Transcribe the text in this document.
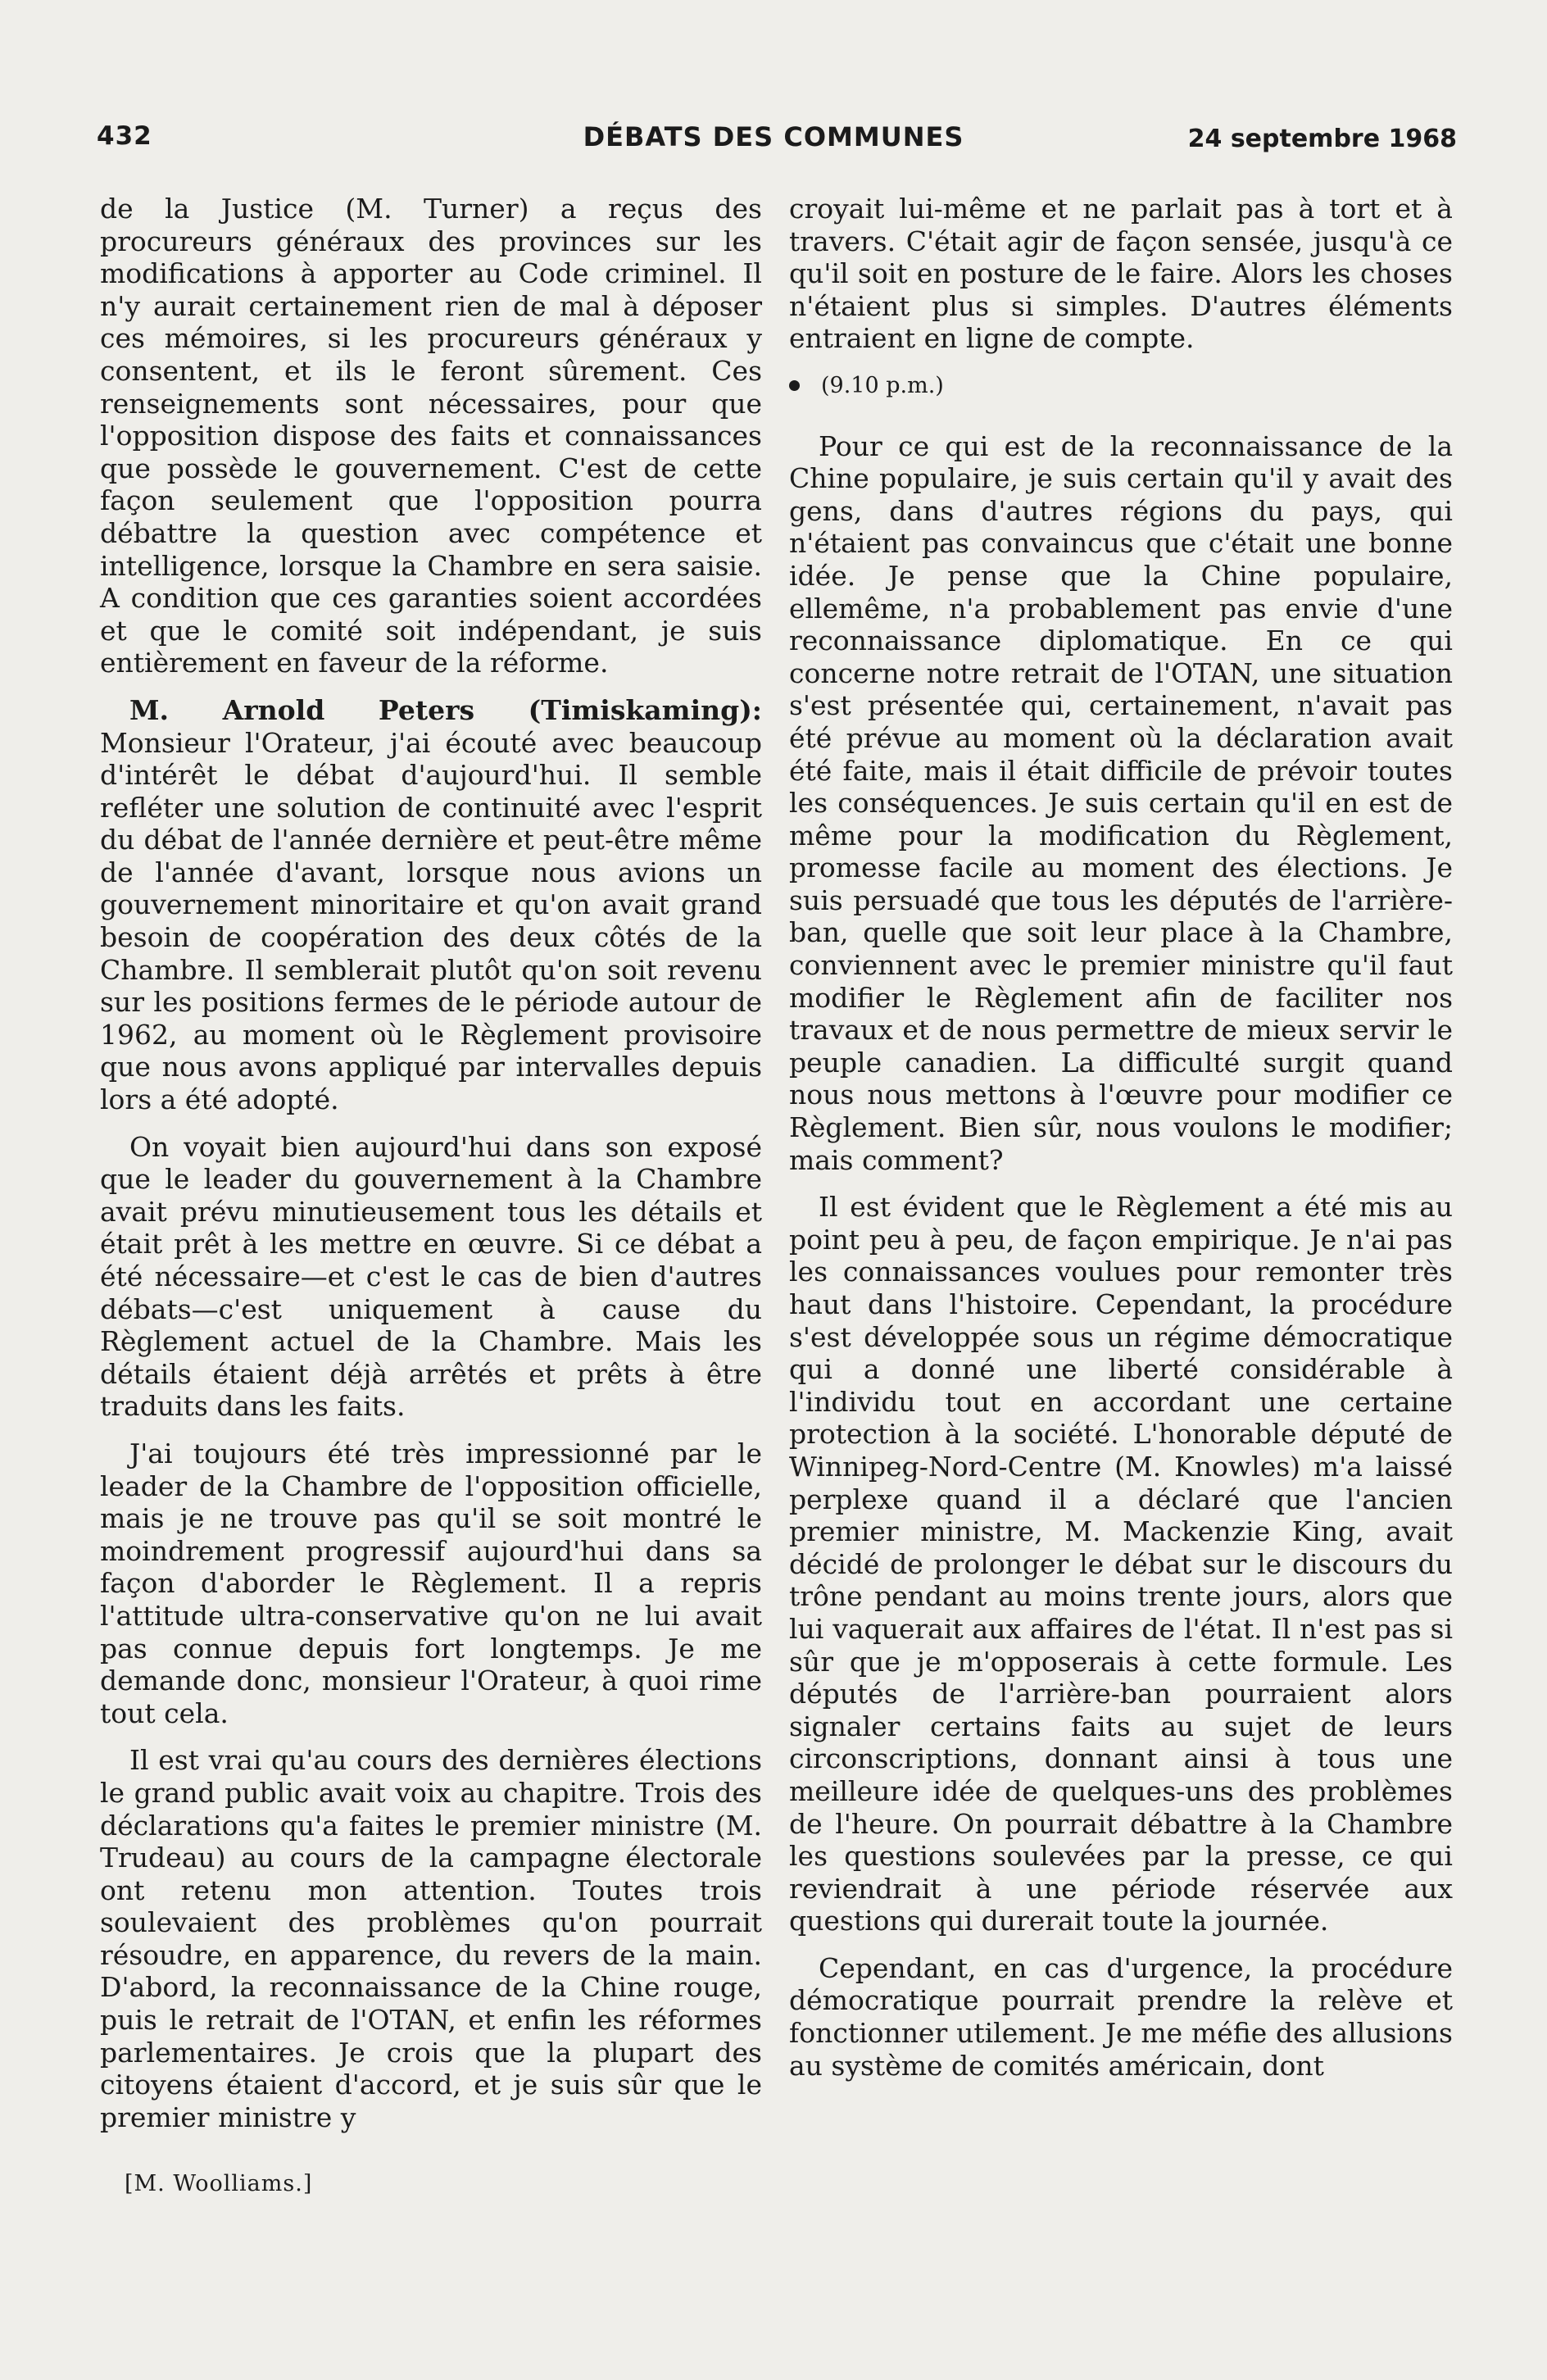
432	DÉBATS DES COMMUNES	24 septembre 1968

de la Justice (M. Turner) a reçus des procureurs généraux des provinces sur les modifications à apporter au Code criminel. Il n'y aurait certainement rien de mal à déposer ces mémoires, si les procureurs généraux y consentent, et ils le feront sûrement. Ces renseignements sont nécessaires, pour que l'opposition dispose des faits et connaissances que possède le gouvernement. C'est de cette façon seulement que l'opposition pourra débattre la question avec compétence et intelligence, lorsque la Chambre en sera saisie. A condition que ces garanties soient accordées et que le comité soit indépendant, je suis entièrement en faveur de la réforme.

M. Arnold Peters (Timiskaming): Monsieur l'Orateur, j'ai écouté avec beaucoup d'intérêt le débat d'aujourd'hui. Il semble refléter une solution de continuité avec l'esprit du débat de l'année dernière et peut-être même de l'année d'avant, lorsque nous avions un gouvernement minoritaire et qu'on avait grand besoin de coopération des deux côtés de la Chambre. Il semblerait plutôt qu'on soit revenu sur les positions fermes de le période autour de 1962, au moment où le Règlement provisoire que nous avons appliqué par intervalles depuis lors a été adopté.

On voyait bien aujourd'hui dans son exposé que le leader du gouvernement à la Chambre avait prévu minutieusement tous les détails et était prêt à les mettre en œuvre. Si ce débat a été nécessaire—et c'est le cas de bien d'autres débats—c'est uniquement à cause du Règlement actuel de la Chambre. Mais les détails étaient déjà arrêtés et prêts à être traduits dans les faits.

J'ai toujours été très impressionné par le leader de la Chambre de l'opposition officielle, mais je ne trouve pas qu'il se soit montré le moindrement progressif aujourd'hui dans sa façon d'aborder le Règlement. Il a repris l'attitude ultra-conservative qu'on ne lui avait pas connue depuis fort longtemps. Je me demande donc, monsieur l'Orateur, à quoi rime tout cela.

Il est vrai qu'au cours des dernières élections le grand public avait voix au chapitre. Trois des déclarations qu'a faites le premier ministre (M. Trudeau) au cours de la campagne électorale ont retenu mon attention. Toutes trois soulevaient des problèmes qu'on pourrait résoudre, en apparence, du revers de la main. D'abord, la reconnaissance de la Chine rouge, puis le retrait de l'OTAN, et enfin les réformes parlementaires. Je crois que la plupart des citoyens étaient d'accord, et je suis sûr que le premier ministre y

croyait lui-même et ne parlait pas à tort et à travers. C'était agir de façon sensée, jusqu'à ce qu'il soit en posture de le faire. Alors les choses n'étaient plus si simples. D'autres éléments entraient en ligne de compte.

(9.10 p.m.)

Pour ce qui est de la reconnaissance de la Chine populaire, je suis certain qu'il y avait des gens, dans d'autres régions du pays, qui n'étaient pas convaincus que c'était une bonne idée. Je pense que la Chine populaire, ellemême, n'a probablement pas envie d'une reconnaissance diplomatique. En ce qui concerne notre retrait de l'OTAN, une situation s'est présentée qui, certainement, n'avait pas été prévue au moment où la déclaration avait été faite, mais il était difficile de prévoir toutes les conséquences. Je suis certain qu'il en est de même pour la modification du Règlement, promesse facile au moment des élections. Je suis persuadé que tous les députés de l'arrière-ban, quelle que soit leur place à la Chambre, conviennent avec le premier ministre qu'il faut modifier le Règlement afin de faciliter nos travaux et de nous permettre de mieux servir le peuple canadien. La difficulté surgit quand nous nous mettons à l'œuvre pour modifier ce Règlement. Bien sûr, nous voulons le modifier; mais comment?

Il est évident que le Règlement a été mis au point peu à peu, de façon empirique. Je n'ai pas les connaissances voulues pour remonter très haut dans l'histoire. Cependant, la procédure s'est développée sous un régime démocratique qui a donné une liberté considérable à l'individu tout en accordant une certaine protection à la société. L'honorable député de Winnipeg-Nord-Centre (M. Knowles) m'a laissé perplexe quand il a déclaré que l'ancien premier ministre, M. Mackenzie King, avait décidé de prolonger le débat sur le discours du trône pendant au moins trente jours, alors que lui vaquerait aux affaires de l'état. Il n'est pas si sûr que je m'opposerais à cette formule. Les députés de l'arrière-ban pourraient alors signaler certains faits au sujet de leurs circonscriptions, donnant ainsi à tous une meilleure idée de quelques-uns des problèmes de l'heure. On pourrait débattre à la Chambre les questions soulevées par la presse, ce qui reviendrait à une période réservée aux questions qui durerait toute la journée.

Cependant, en cas d'urgence, la procédure démocratique pourrait prendre la relève et fonctionner utilement. Je me méfie des allusions au système de comités américain, dont

[M. Woolliams.]
